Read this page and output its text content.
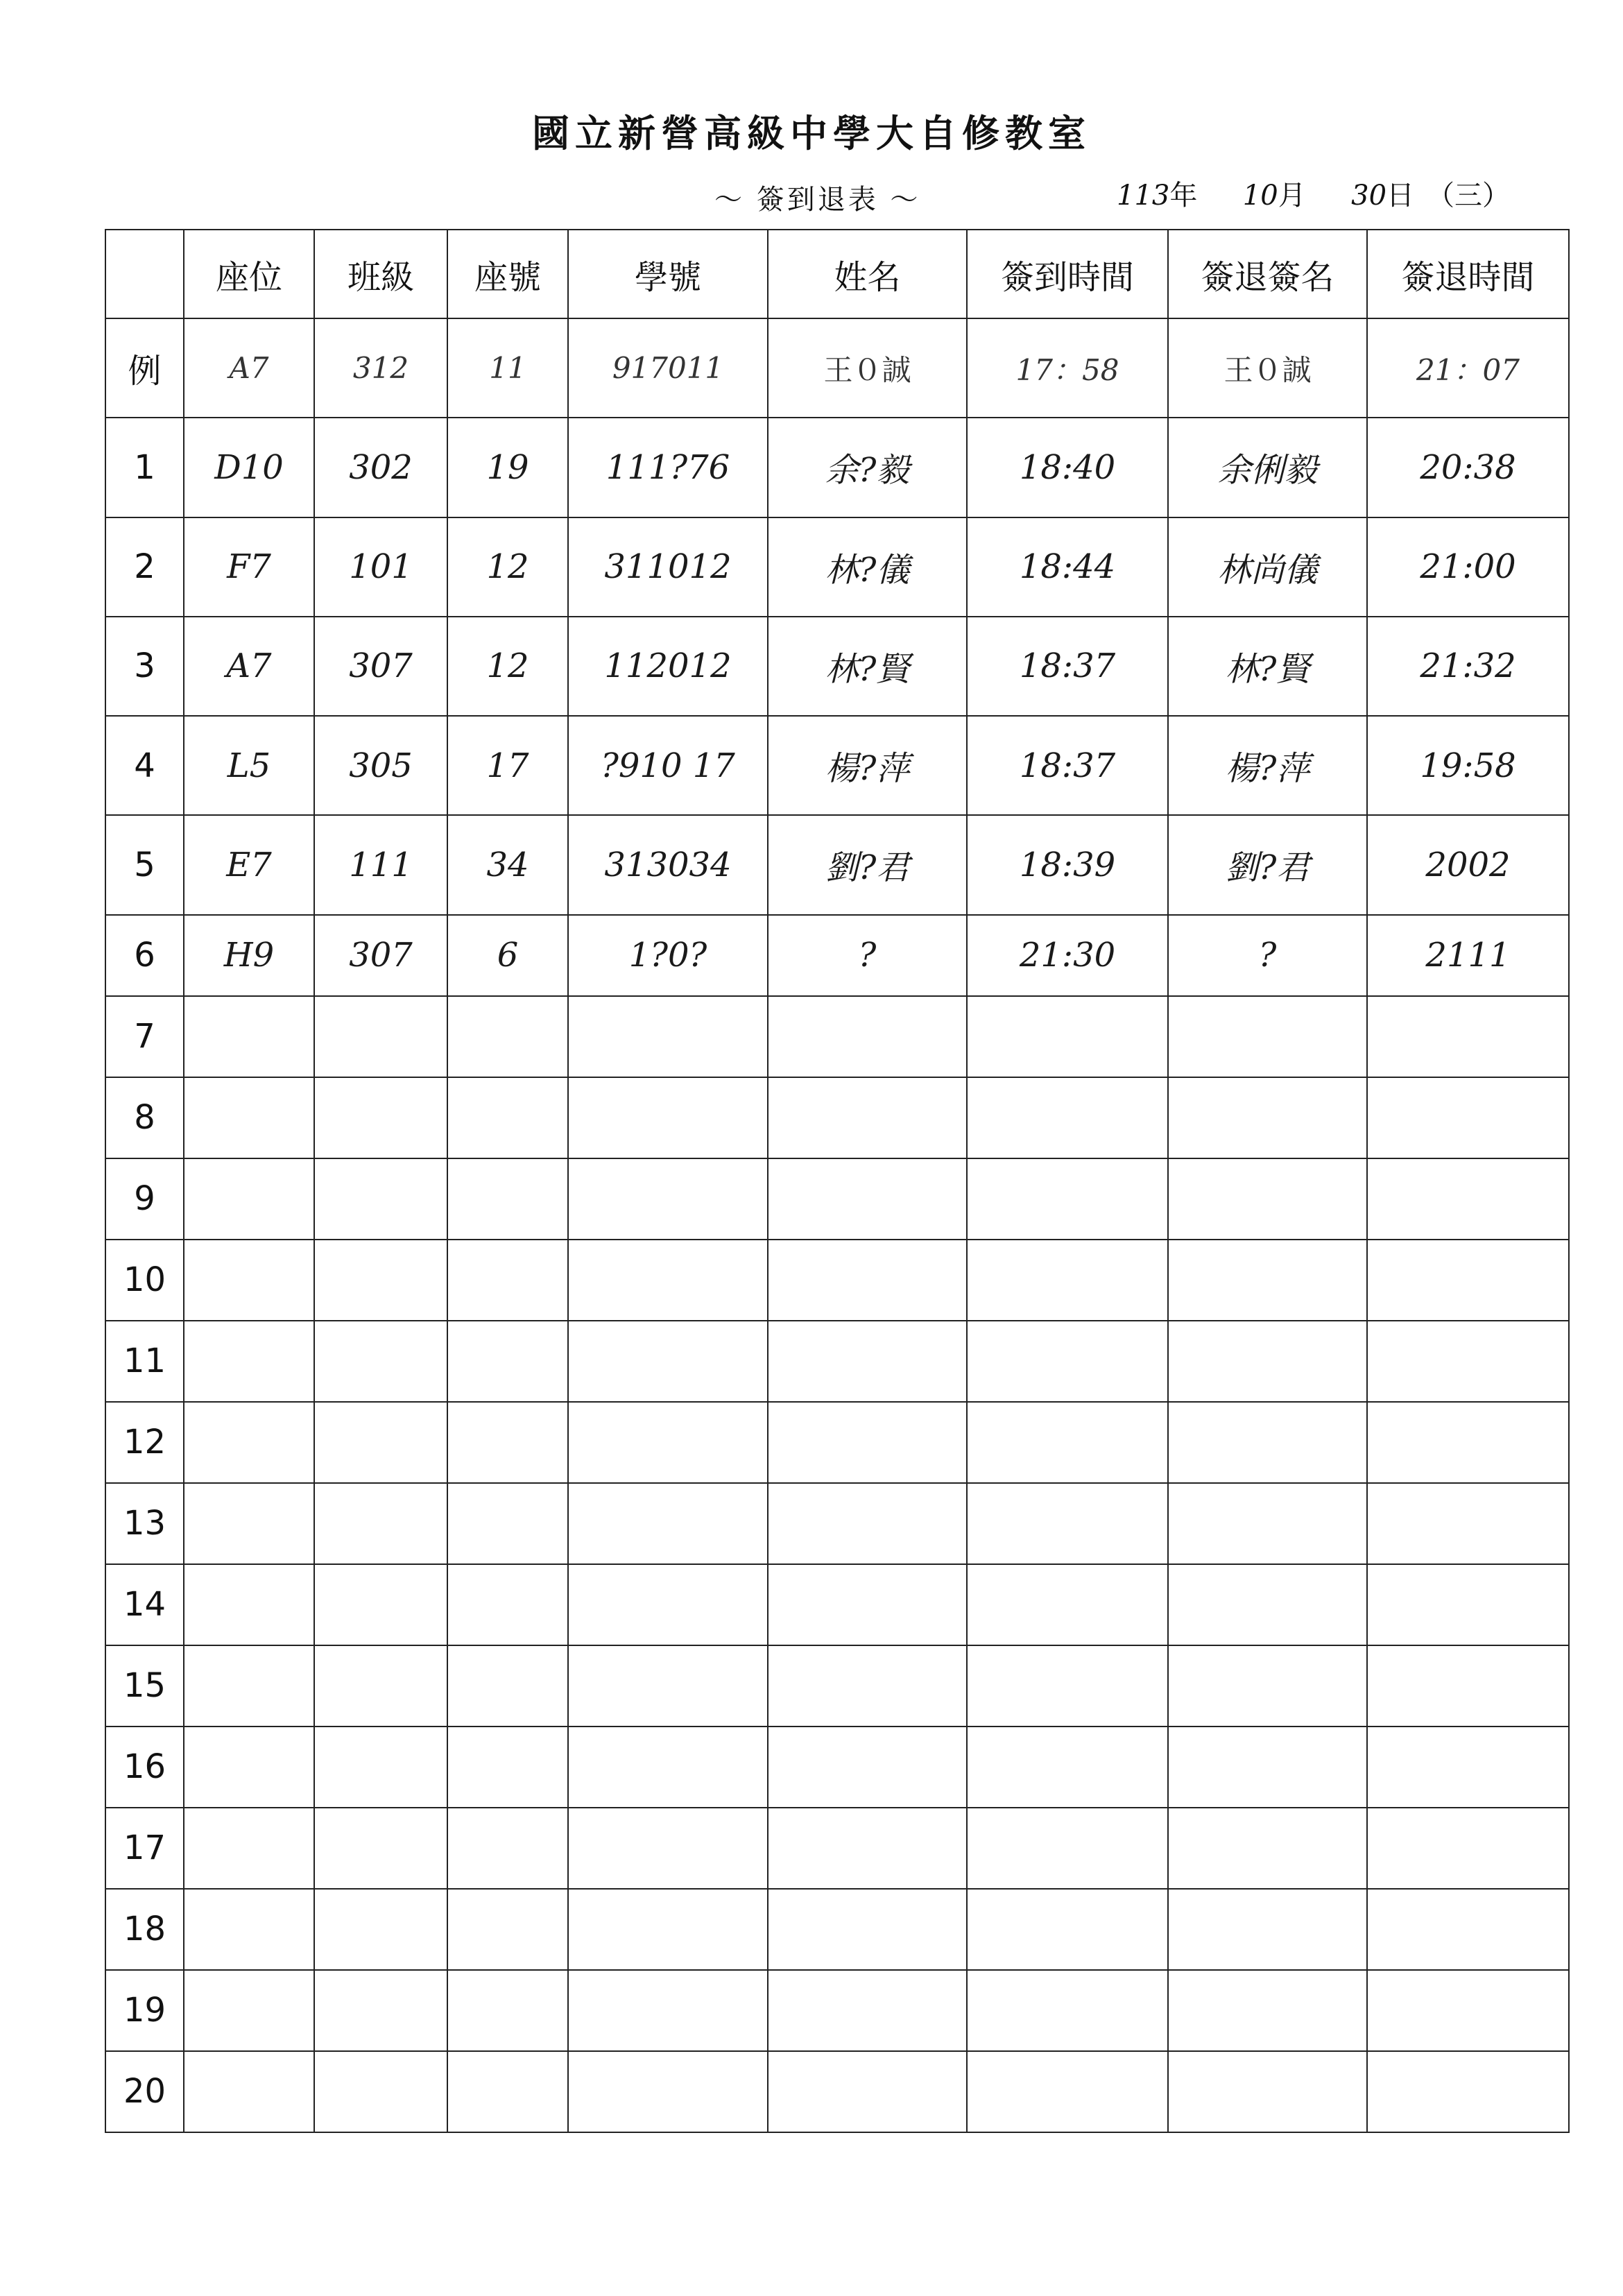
國立新營高級中學大自修教室
～ 簽到退表 ～	113年 10月 30日 （三）
	座位	班級	座號	學號	姓名	簽到時間	簽退簽名	簽退時間
例	A7	312	11	917011	王０誠	17：58	王０誠	21：07
1	D10	302	19	111?76	余?毅	18:40	余俐毅	20:38
2	F7	101	12	311012	林?儀	18:44	林尚儀	21:00
3	A7	307	12	112012	林?賢	18:37	林?賢	21:32
4	L5	305	17	?910 17	楊?萍	18:37	楊?萍	19:58
5	E7	111	34	313034	劉?君	18:39	劉?君	2002
6	H9	307	6	1?0?	?	21:30	?	2111
7								
8								
9								
10								
11								
12								
13								
14								
15								
16								
17								
18								
19								
20								
